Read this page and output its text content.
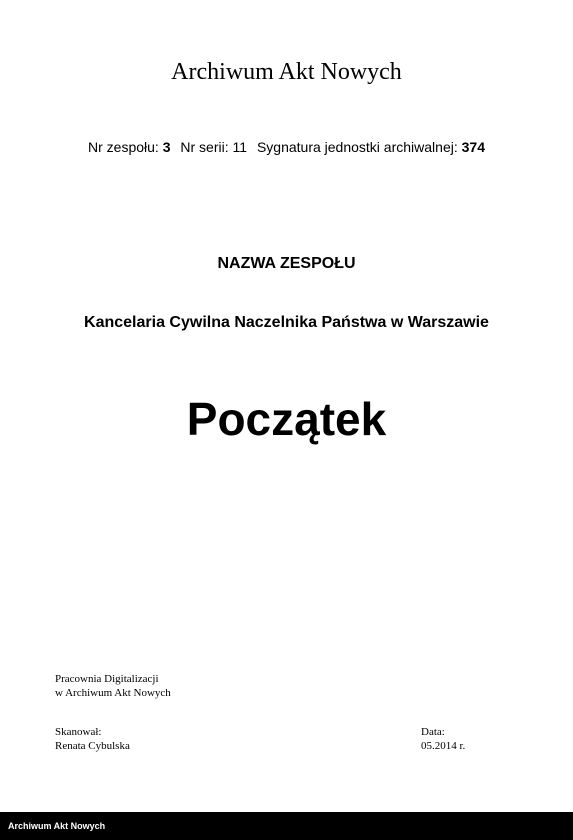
Archiwum Akt Nowych
Nr zespołu: 3 Nr serii: 11 Sygnatura jednostki archiwalnej: 374
NAZWA ZESPOŁU
Kancelaria Cywilna Naczelnika Państwa w Warszawie
Początek
Pracownia Digitalizacji
w Archiwum Akt Nowych
Skanował:
Renata Cybulska
Data:
05.2014 r.
Archiwum Akt Nowych
